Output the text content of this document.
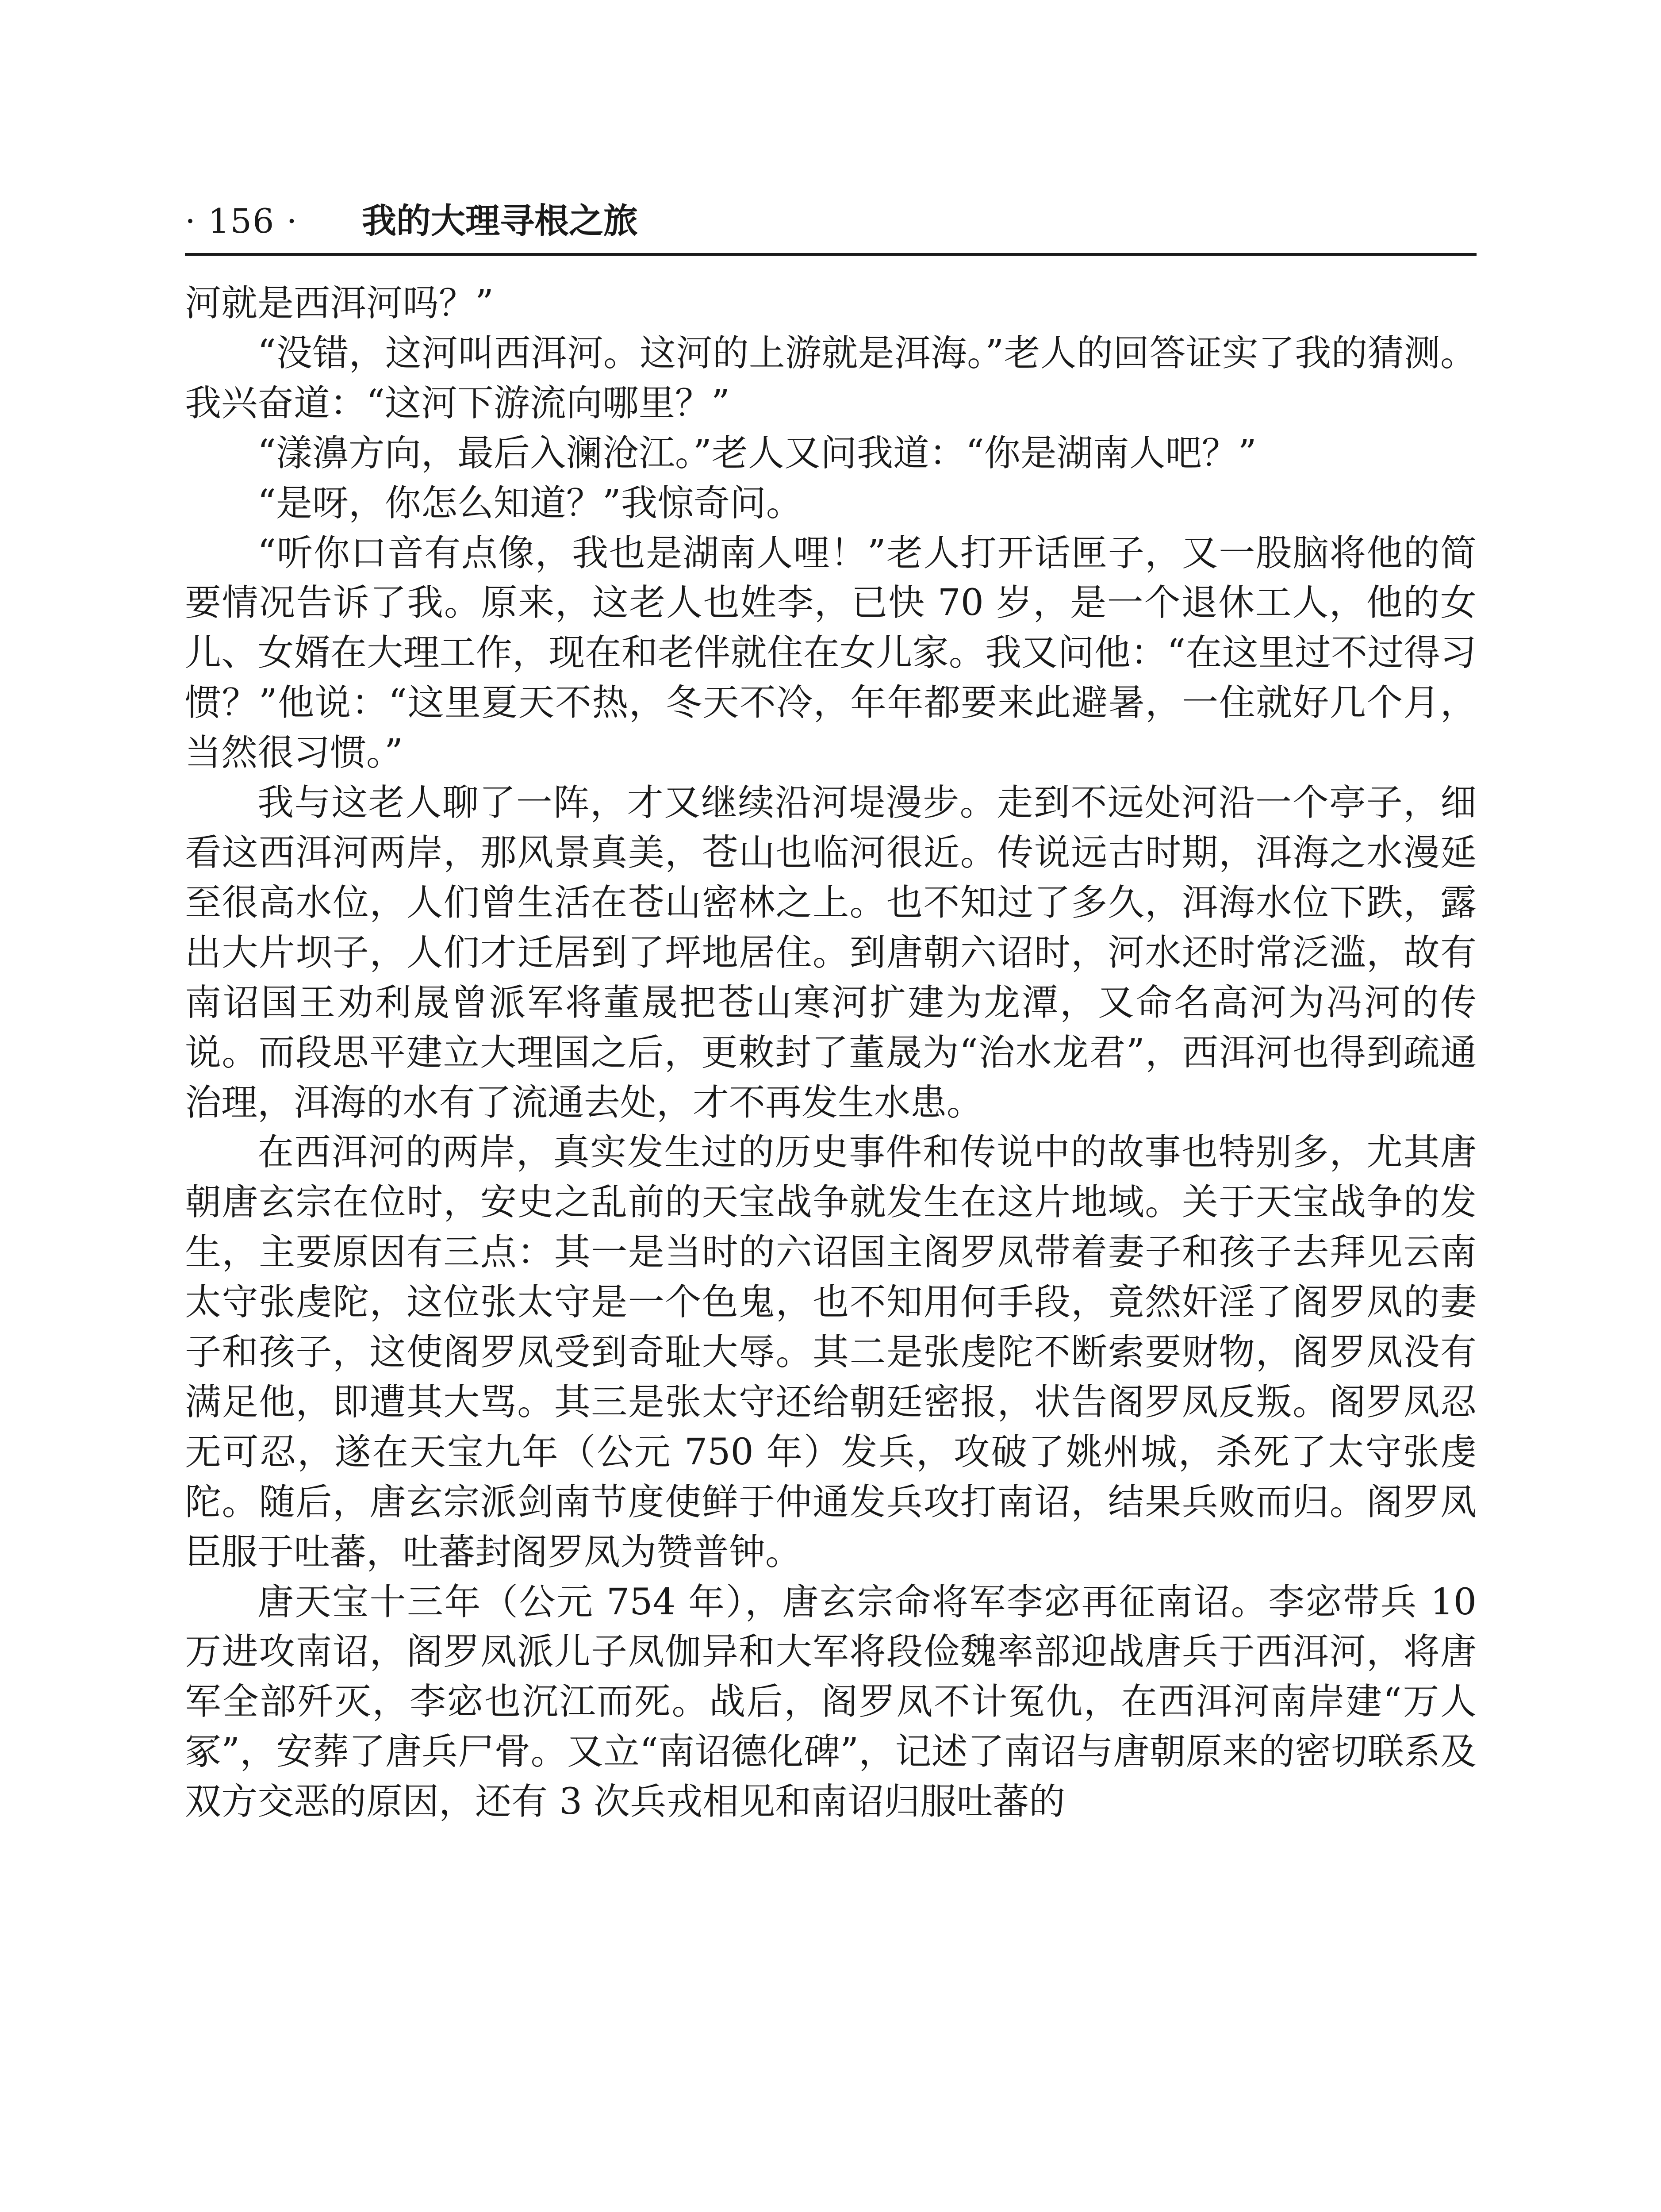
· 156 · 我的大理寻根之旅

河就是西洱河吗？”

“没错，这河叫西洱河。这河的上游就是洱海。”老人的回答证实了我的猜测。我兴奋道：“这河下游流向哪里？”

“漾濞方向，最后入澜沧江。”老人又问我道：“你是湖南人吧？”

“是呀，你怎么知道？”我惊奇问。

“听你口音有点像，我也是湖南人哩！”老人打开话匣子，又一股脑将他的简要情况告诉了我。原来，这老人也姓李，已快 70 岁，是一个退休工人，他的女儿、女婿在大理工作，现在和老伴就住在女儿家。我又问他：“在这里过不过得习惯？”他说：“这里夏天不热，冬天不冷，年年都要来此避暑，一住就好几个月，当然很习惯。”

我与这老人聊了一阵，才又继续沿河堤漫步。走到不远处河沿一个亭子，细看这西洱河两岸，那风景真美，苍山也临河很近。传说远古时期，洱海之水漫延至很高水位，人们曾生活在苍山密林之上。也不知过了多久，洱海水位下跌，露出大片坝子，人们才迁居到了坪地居住。到唐朝六诏时，河水还时常泛滥，故有南诏国王劝利晟曾派军将董晟把苍山寒河扩建为龙潭，又命名高河为冯河的传说。而段思平建立大理国之后，更敕封了董晟为“治水龙君”，西洱河也得到疏通治理，洱海的水有了流通去处，才不再发生水患。

在西洱河的两岸，真实发生过的历史事件和传说中的故事也特别多，尤其唐朝唐玄宗在位时，安史之乱前的天宝战争就发生在这片地域。关于天宝战争的发生，主要原因有三点：其一是当时的六诏国主阁罗凤带着妻子和孩子去拜见云南太守张虔陀，这位张太守是一个色鬼，也不知用何手段，竟然奸淫了阁罗凤的妻子和孩子，这使阁罗凤受到奇耻大辱。其二是张虔陀不断索要财物，阁罗凤没有满足他，即遭其大骂。其三是张太守还给朝廷密报，状告阁罗凤反叛。阁罗凤忍无可忍，遂在天宝九年（公元 750 年）发兵，攻破了姚州城，杀死了太守张虔陀。随后，唐玄宗派剑南节度使鲜于仲通发兵攻打南诏，结果兵败而归。阁罗凤臣服于吐蕃，吐蕃封阁罗凤为赞普钟。

唐天宝十三年（公元 754 年），唐玄宗命将军李宓再征南诏。李宓带兵 10 万进攻南诏，阁罗凤派儿子凤伽异和大军将段俭魏率部迎战唐兵于西洱河，将唐军全部歼灭，李宓也沉江而死。战后，阁罗凤不计冤仇，在西洱河南岸建“万人冢”，安葬了唐兵尸骨。又立“南诏德化碑”，记述了南诏与唐朝原来的密切联系及双方交恶的原因，还有 3 次兵戎相见和南诏归服吐蕃的
